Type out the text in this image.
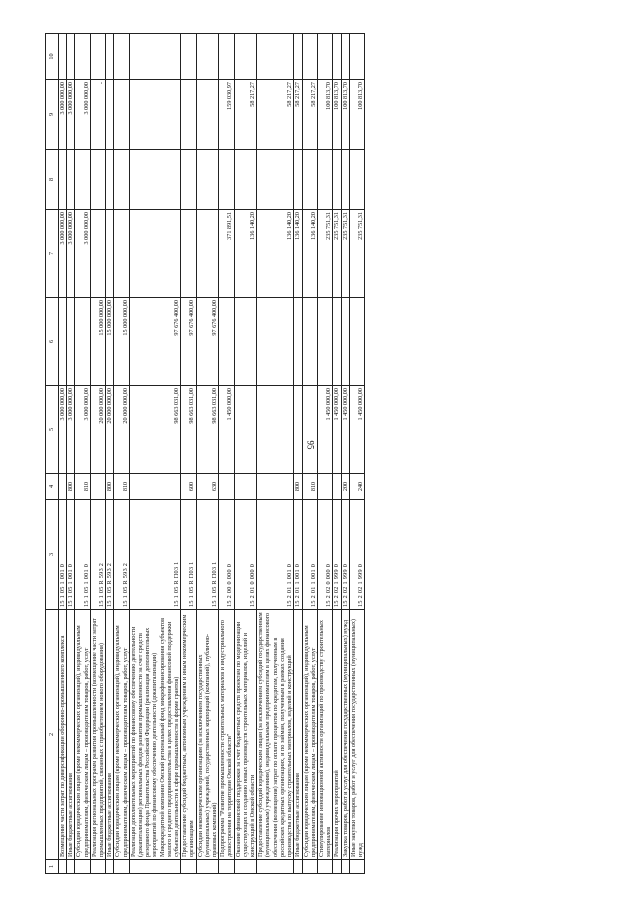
95
1	2	3	4	5	6	7	8	9	10
	Возмещение части затрат по диверсификации оборонно-промышленного комплекса	15 1 05 1 001 0		3 000 000,00		3 000 000,00		3 000 000,00	
	Иные бюджетные ассигнования	15 1 05 1 001 0	800	3 000 000,00		3 000 000,00		3 000 000,00	
	Субсидии юридическим лицам (кроме некоммерческих организаций), индивидуальным предпринимателям, физическим лицам – производителям товаров, работ, услуг	15 1 05 1 001 0	810	3 000 000,00		3 000 000,00		3 000 000,00	
	Реализация региональных программ развития промышленности (возмещение части затрат промышленных предприятий, связанных с приобретением нового оборудования)	15 1 05 R 593 2		20 000 000,00	15 000 000,00			-	
	Иные бюджетные ассигнования	15 1 05 R 593 2	800	20 000 000,00	15 000 000,00				
	Субсидии юридическим лицам (кроме некоммерческих организаций), индивидуальным предпринимателям, физическим лицам – производителям товаров, работ, услуг	15 1 05 R 593 2	810	20 000 000,00	15 000 000,00				
	Реализация дополнительных мероприятий по финансовому обеспечению деятельности (докапитализации) региональных фондов развития промышленности за счет средств резервного фонда Правительства Российской Федерации (реализация дополнительных мероприятий по финансовому обеспечению деятельности (докапитализации) Микрокредитной компании Омский региональный фонд микрофинансирования субъектов малого и среднего предпринимательства в целях предоставления финансовой поддержки субъектам деятельности в сфере промышленности в форме грантов)	15 1 05 R П03 1		98 663 031,00	97 676 400,00				
	Предоставление субсидий бюджетным, автономным учреждениям и иным некоммерческим организациям	15 1 05 R П03 1	600	98 663 031,00	97 676 400,00				
	Субсидии некоммерческим организациям (за исключением государственных (муниципальных) учреждений, государственных корпораций (компаний), публично-правовых компаний)	15 1 05 R П03 1	630	98 663 031,00	97 676 400,00				
	Подпрограмма "Развитие промышленности строительных материалов и индустриального домостроения на территории Омской области"	15 2 00 0 000 0		1 450 000,00		371 891,51		159 030,97	
	Оказание финансовой поддержки за счет бюджетных средств проектам по модернизации существующих и созданию новых производств строительных материалов, изделий и конструкций в Омской области	15 2 01 0 000 0				136 140,20		58 217,27	
	Предоставление субсидий юридическим лицам (за исключением субсидий государственным (муниципальным) учреждениям), индивидуальным предпринимателям в целях финансового обеспечения (возмещения) затрат по оплате процентов по кредитам, полученным в российских кредитных организациях, и по займам, полученным в рамках создания производства по выпуску строительных материалов, изделий и конструкций	15 2 01 1 001 0				136 140,20		58 217,27	
	Иные бюджетные ассигнования	15 2 01 1 001 0	800			136 140,20		58 217,27	
	Субсидии юридическим лицам (кроме некоммерческих организаций), индивидуальным предпринимателям, физическим лицам – производителям товаров, работ, услуг	15 2 01 1 001 0	810			136 140,20		58 217,27	
	Стимулирование инновационной активности организаций по производству строительных материалов	15 2 02 0 000 0		1 450 000,00		235 751,31		100 813,70	
	Реализация прочих мероприятий	15 2 02 1 999 0		1 450 000,00		235 751,31		100 813,70	
	Закупка товаров, работ и услуг для обеспечения государственных (муниципальных) нужд	15 2 02 1 999 0	200	1 450 000,00		235 751,31		100 813,70	
	Иные закупки товаров, работ и услуг для обеспечения государственных (муниципальных) нужд	15 2 02 1 999 0	240	1 450 000,00		235 751,31		100 813,70	
